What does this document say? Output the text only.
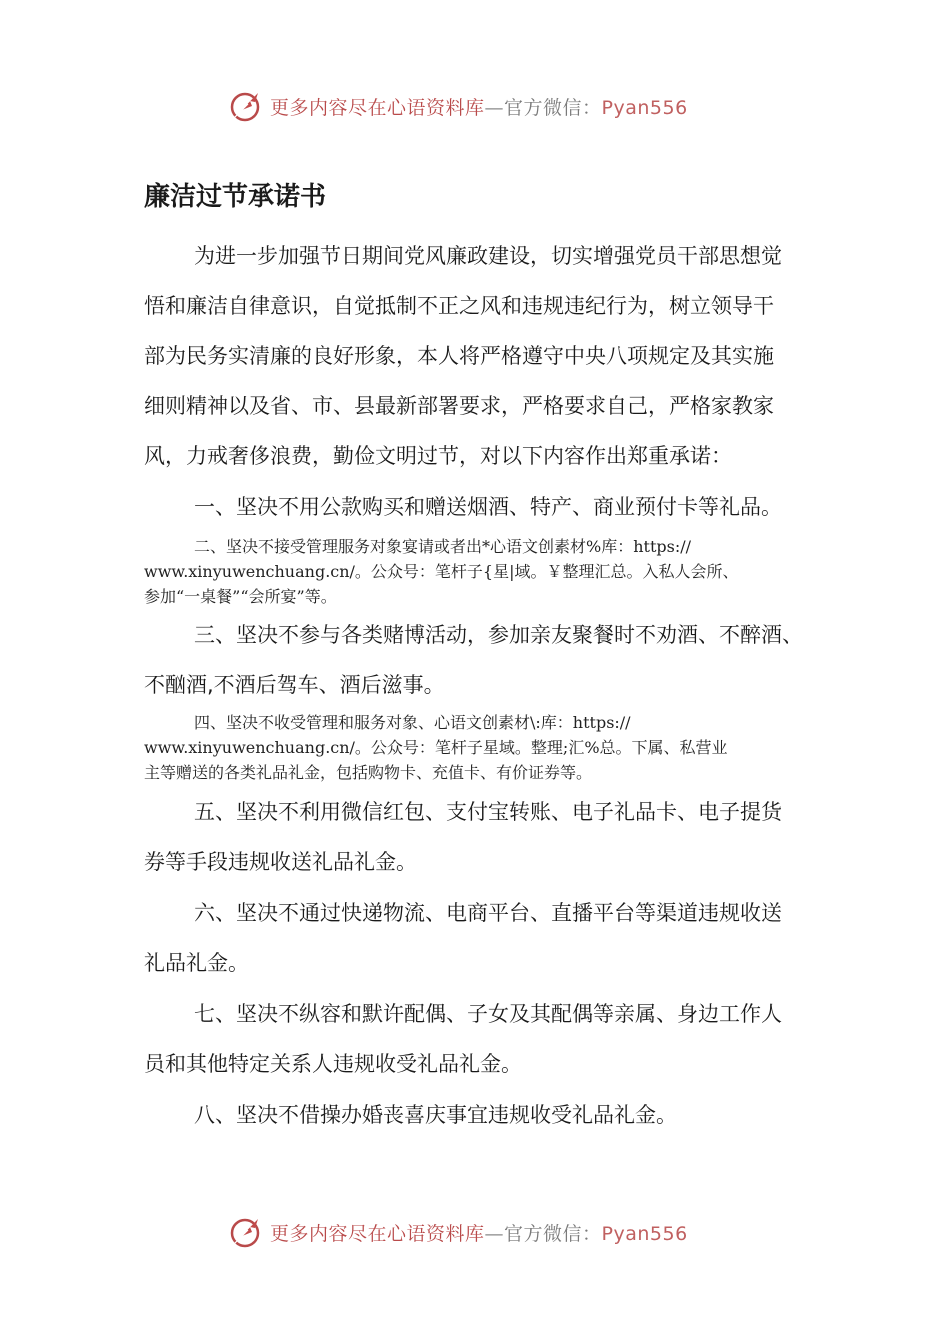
更多内容尽在心语资料库—官方微信：Pyan556
廉洁过节承诺书
为进一步加强节日期间党风廉政建设，切实增强党员干部思想觉
悟和廉洁自律意识，自觉抵制不正之风和违规违纪行为，树立领导干
部为民务实清廉的良好形象，本人将严格遵守中央八项规定及其实施
细则精神以及省、市、县最新部署要求，严格要求自己，严格家教家
风，力戒奢侈浪费，勤俭文明过节，对以下内容作出郑重承诺：
一、坚决不用公款购买和赠送烟酒、特产、商业预付卡等礼品。
二、坚决不接受管理服务对象宴请或者出*心语文创素材%库：https://
www.xinyuwenchuang.cn/。公众号：笔杆子{星|域。￥整理汇总。入私人会所、
参加“一桌餐”“会所宴”等。
三、坚决不参与各类赌博活动，参加亲友聚餐时不劝酒、不醉酒、
不酗酒,不酒后驾车、酒后滋事。
四、坚决不收受管理和服务对象、心语文创素材\:库：https://
www.xinyuwenchuang.cn/。公众号：笔杆子星域。整理;汇%总。下属、私营业
主等赠送的各类礼品礼金，包括购物卡、充值卡、有价证券等。
五、坚决不利用微信红包、支付宝转账、电子礼品卡、电子提货
券等手段违规收送礼品礼金。
六、坚决不通过快递物流、电商平台、直播平台等渠道违规收送
礼品礼金。
七、坚决不纵容和默许配偶、子女及其配偶等亲属、身边工作人
员和其他特定关系人违规收受礼品礼金。
八、坚决不借操办婚丧喜庆事宜违规收受礼品礼金。
更多内容尽在心语资料库—官方微信：Pyan556
